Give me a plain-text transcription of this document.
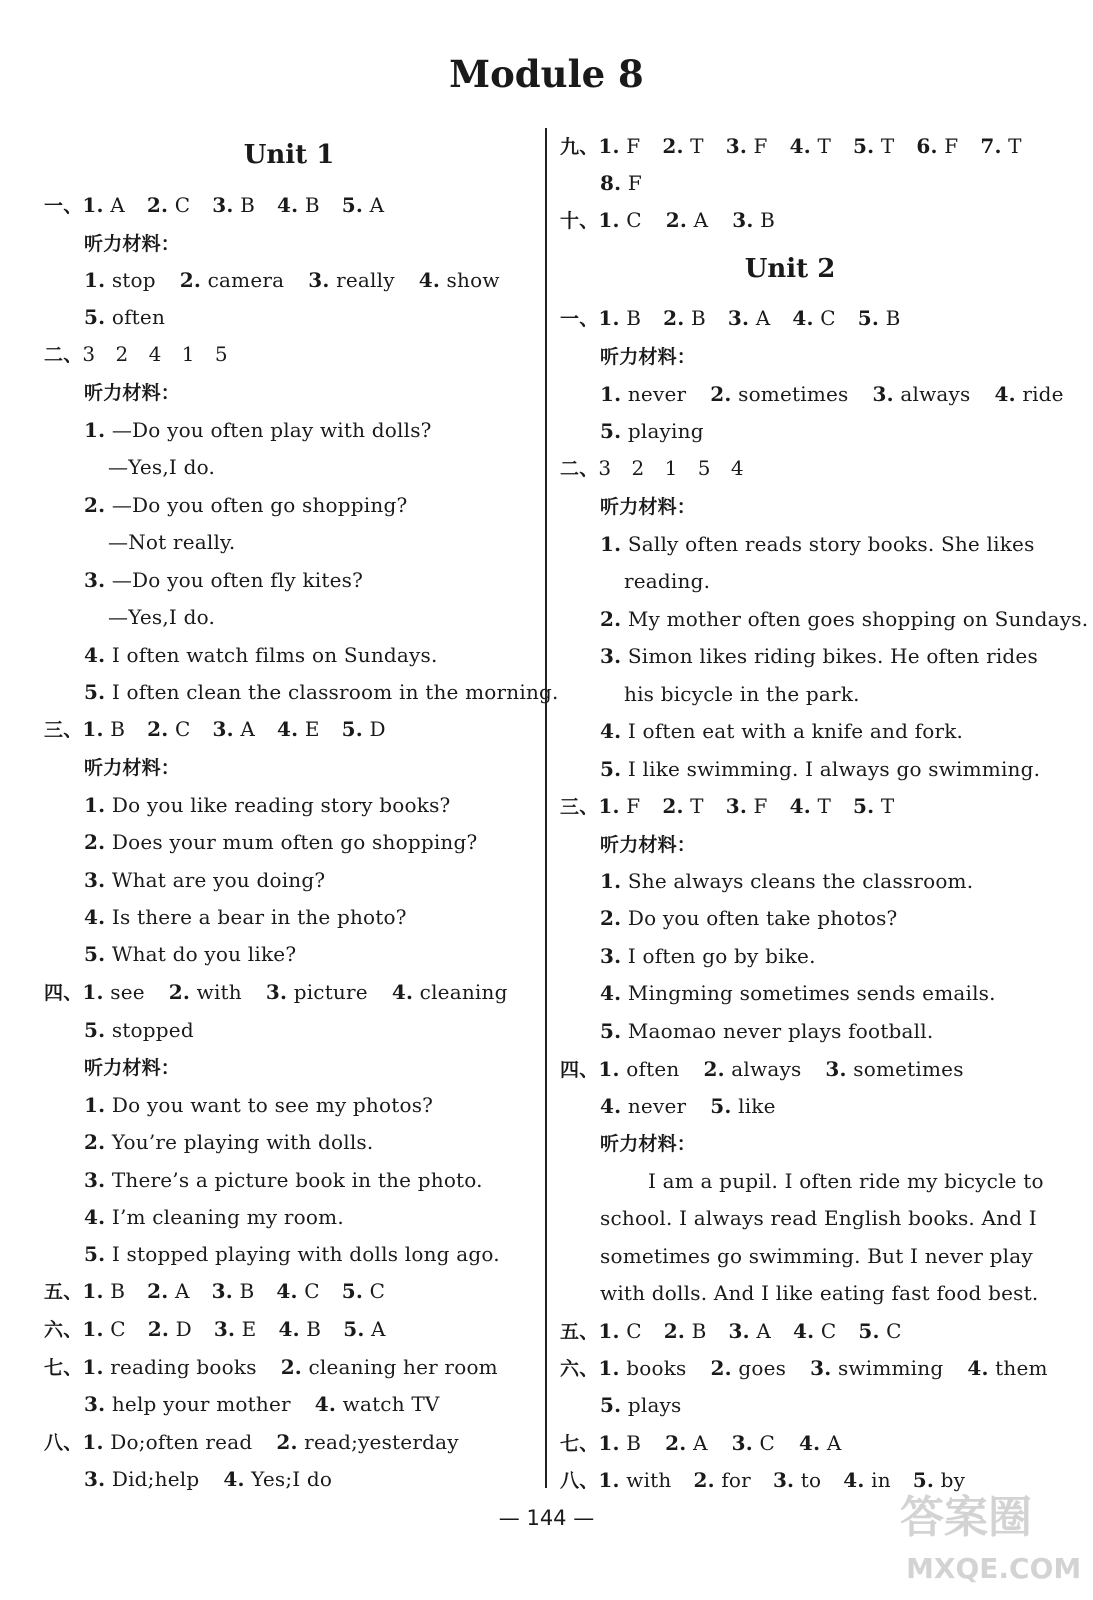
Module 8
Unit 1
一、1. A 2. C 3. B 4. B 5. A
听力材料：
1. stop 2. camera 3. really 4. show
5. often
二、3　2　4　1　5
听力材料：
1. —Do you often play with dolls?
—Yes,I do.
2. —Do you often go shopping?
—Not really.
3. —Do you often fly kites?
—Yes,I do.
4. I often watch films on Sundays.
5. I often clean the classroom in the morning.
三、1. B 2. C 3. A 4. E 5. D
听力材料：
1. Do you like reading story books?
2. Does your mum often go shopping?
3. What are you doing?
4. Is there a bear in the photo?
5. What do you like?
四、1. see 2. with 3. picture 4. cleaning
5. stopped
听力材料：
1. Do you want to see my photos?
2. You’re playing with dolls.
3. There’s a picture book in the photo.
4. I’m cleaning my room.
5. I stopped playing with dolls long ago.
五、1. B 2. A 3. B 4. C 5. C
六、1. C 2. D 3. E 4. B 5. A
七、1. reading books 2. cleaning her room
3. help your mother 4. watch TV
八、1. Do;often read 2. read;yesterday
3. Did;help 4. Yes;I do
九、1. F 2. T 3. F 4. T 5. T 6. F 7. T
8. F
十、1. C 2. A 3. B
一、1. B 2. B 3. A 4. C 5. B
听力材料：
1. never 2. sometimes 3. always 4. ride
5. playing
二、3　2　1　5　4
听力材料：
1. Sally often reads story books. She likes
reading.
2. My mother often goes shopping on Sundays.
3. Simon likes riding bikes. He often rides
his bicycle in the park.
4. I often eat with a knife and fork.
5. I like swimming. I always go swimming.
三、1. F 2. T 3. F 4. T 5. T
听力材料：
1. She always cleans the classroom.
2. Do you often take photos?
3. I often go by bike.
4. Mingming sometimes sends emails.
5. Maomao never plays football.
四、1. often 2. always 3. sometimes
4. never 5. like
听力材料：
I am a pupil. I often ride my bicycle to
school. I always read English books. And I
sometimes go swimming. But I never play
with dolls. And I like eating fast food best.
五、1. C 2. B 3. A 4. C 5. C
六、1. books 2. goes 3. swimming 4. them
5. plays
七、1. B 2. A 3. C 4. A
八、1. with 2. for 3. to 4. in 5. by
Unit 2
— 144 —	答案圈
MXQE.COM
